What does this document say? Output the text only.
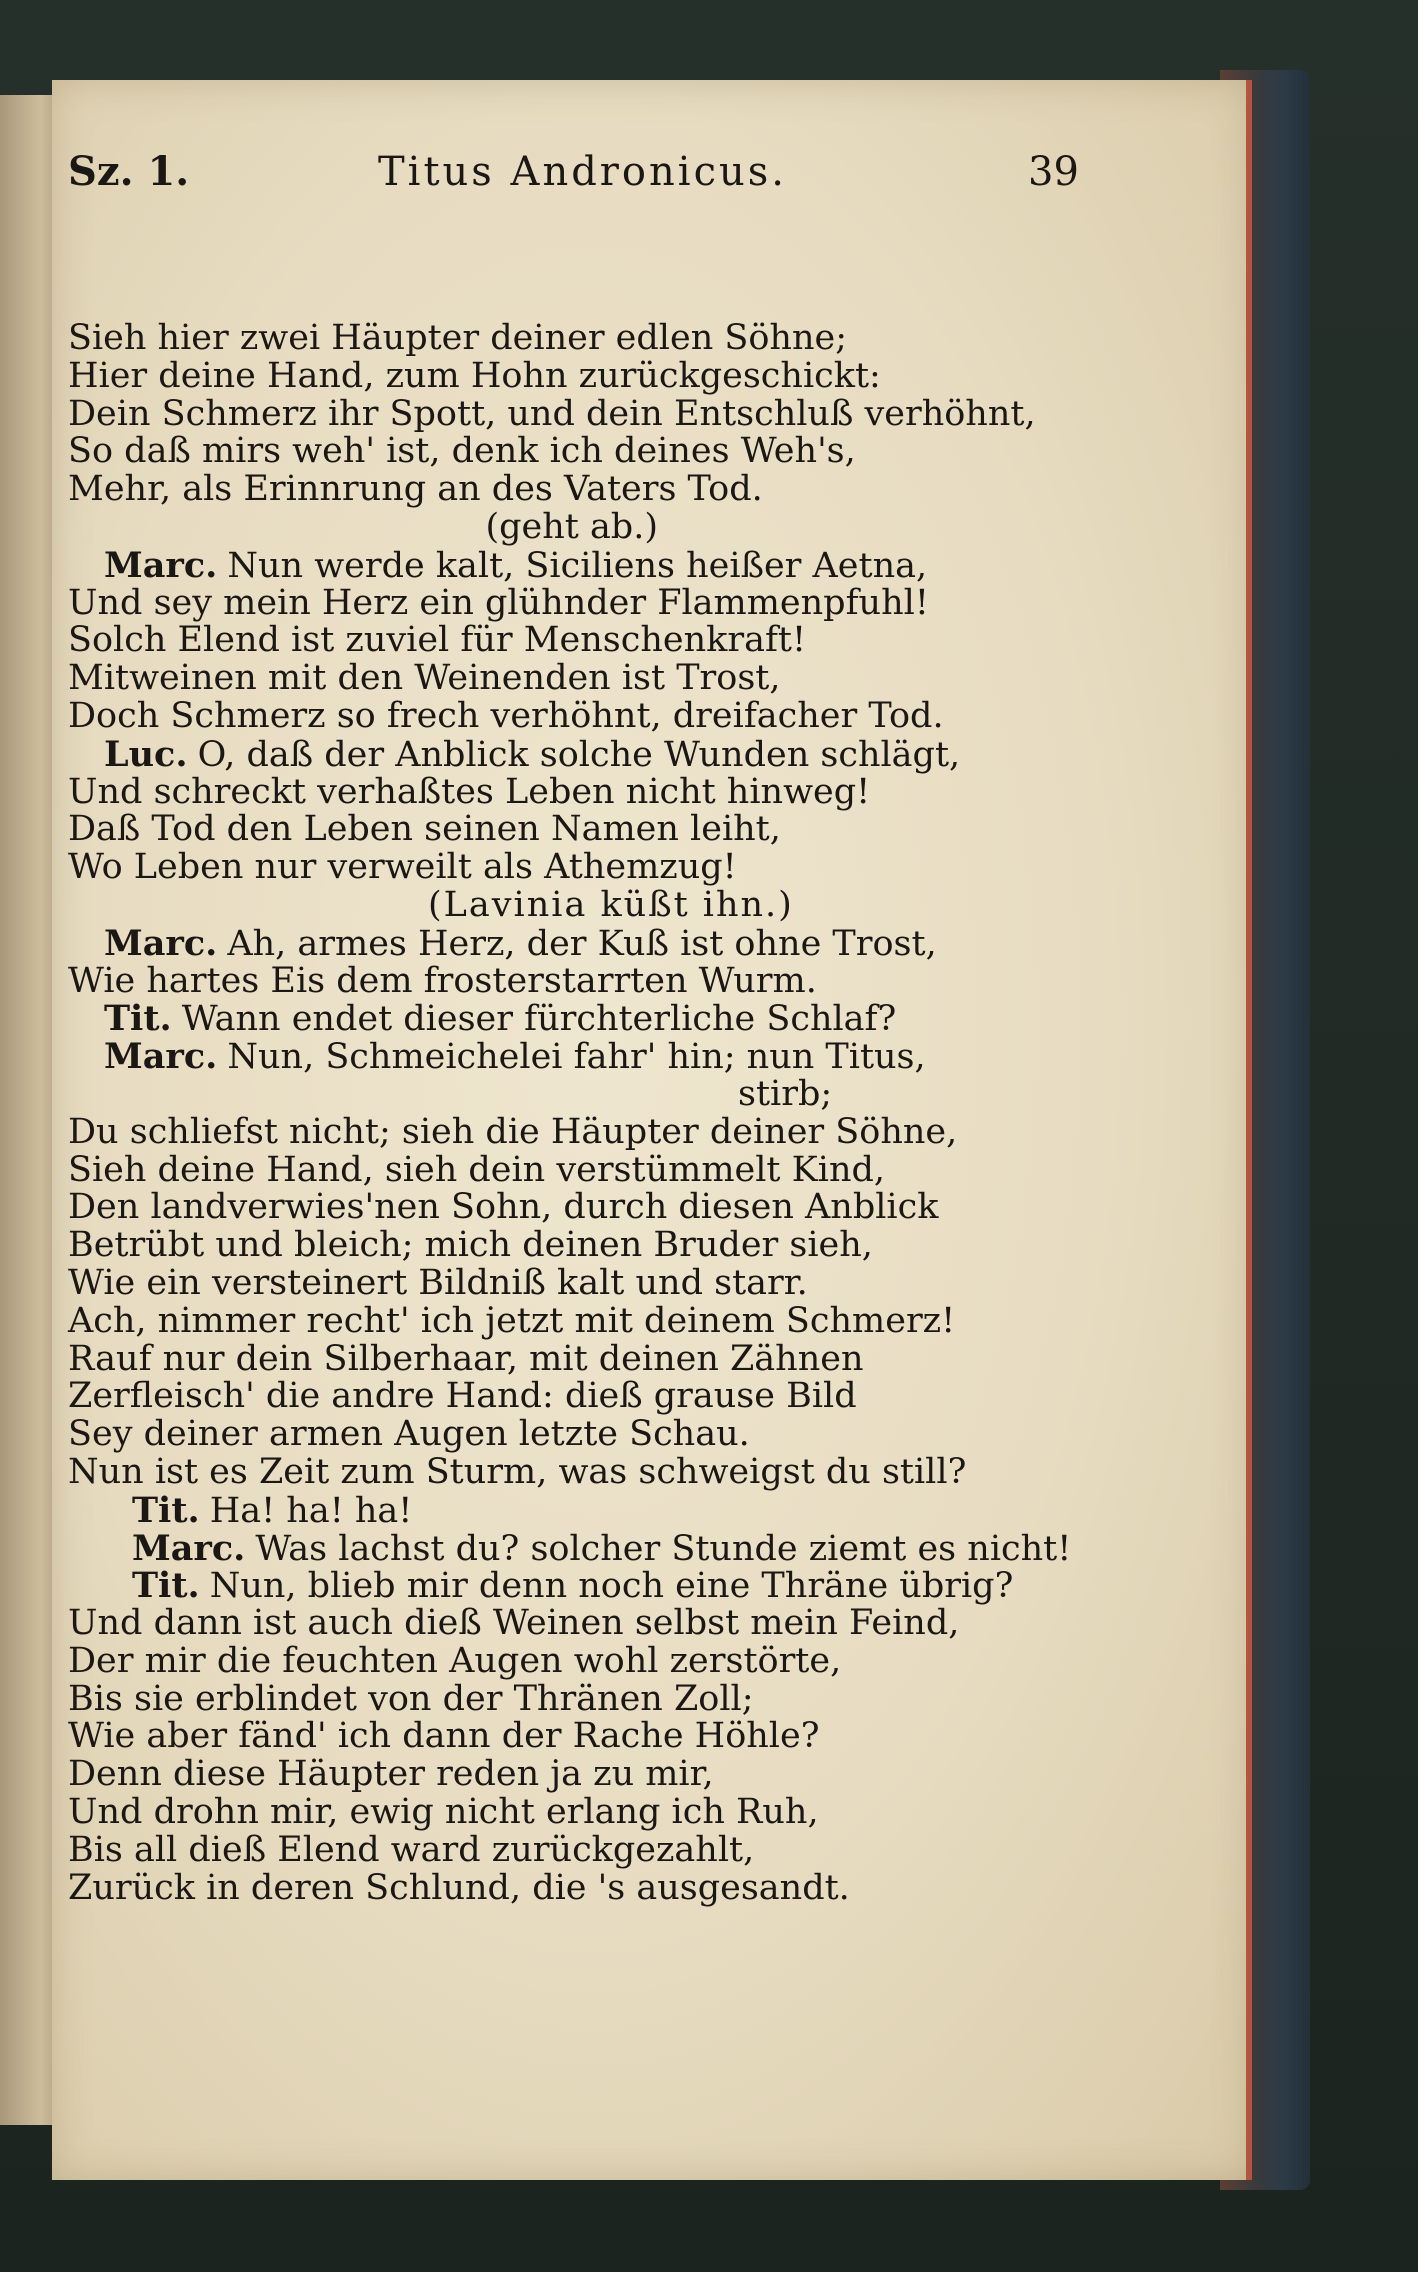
Sz. 1.	Titus Andronicus.	39
Sieh hier zwei Häupter deiner edlen Söhne;
Hier deine Hand, zum Hohn zurückgeschickt:
Dein Schmerz ihr Spott, und dein Entschluß verhöhnt,
So daß mirs weh' ist, denk ich deines Weh's,
Mehr, als Erinnrung an des Vaters Tod.
(geht ab.)
Marc. Nun werde kalt, Siciliens heißer Aetna,
Und sey mein Herz ein glühnder Flammenpfuhl!
Solch Elend ist zuviel für Menschenkraft!
Mitweinen mit den Weinenden ist Trost,
Doch Schmerz so frech verhöhnt, dreifacher Tod.
Luc. O, daß der Anblick solche Wunden schlägt,
Und schreckt verhaßtes Leben nicht hinweg!
Daß Tod den Leben seinen Namen leiht,
Wo Leben nur verweilt als Athemzug!
(Lavinia küßt ihn.)
Marc. Ah, armes Herz, der Kuß ist ohne Trost,
Wie hartes Eis dem frosterstarrten Wurm.
Tit. Wann endet dieser fürchterliche Schlaf?
Marc. Nun, Schmeichelei fahr' hin; nun Titus,
stirb;
Du schliefst nicht; sieh die Häupter deiner Söhne,
Sieh deine Hand, sieh dein verstümmelt Kind,
Den landverwies'nen Sohn, durch diesen Anblick
Betrübt und bleich; mich deinen Bruder sieh,
Wie ein versteinert Bildniß kalt und starr.
Ach, nimmer recht' ich jetzt mit deinem Schmerz!
Rauf nur dein Silberhaar, mit deinen Zähnen
Zerfleisch' die andre Hand: dieß grause Bild
Sey deiner armen Augen letzte Schau.
Nun ist es Zeit zum Sturm, was schweigst du still?
Tit. Ha! ha! ha!
Marc. Was lachst du? solcher Stunde ziemt es nicht!
Tit. Nun, blieb mir denn noch eine Thräne übrig?
Und dann ist auch dieß Weinen selbst mein Feind,
Der mir die feuchten Augen wohl zerstörte,
Bis sie erblindet von der Thränen Zoll;
Wie aber fänd' ich dann der Rache Höhle?
Denn diese Häupter reden ja zu mir,
Und drohn mir, ewig nicht erlang ich Ruh,
Bis all dieß Elend ward zurückgezahlt,
Zurück in deren Schlund, die 's ausgesandt.
